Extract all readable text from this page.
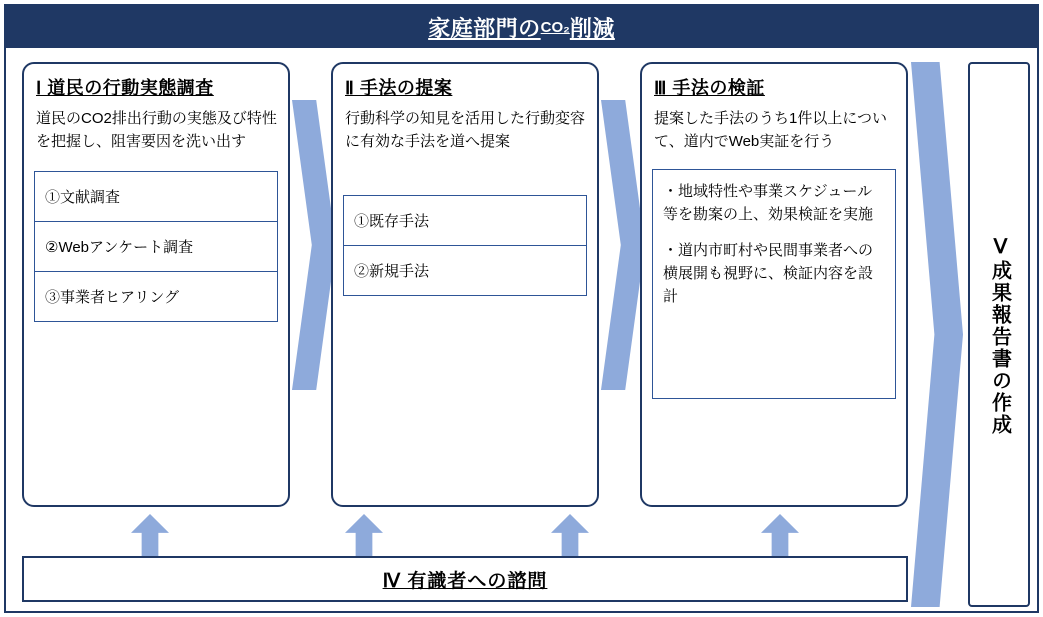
家庭部門の CO₂ 削減
Ⅰ 道民の行動実態調査
道民のCO2排出行動の実態及び特性を把握し、阻害要因を洗い出す
①文献調査
②Webアンケート調査
③事業者ヒアリング
Ⅱ 手法の提案
行動科学の知見を活用した行動変容に有効な手法を道へ提案
①既存手法
②新規手法
Ⅲ 手法の検証
提案した手法のうち1件以上について、道内でWeb実証を行う
・地域特性や事業スケジュール等を勘案の上、効果検証を実施
・道内市町村や民間事業者への横展開も視野に、検証内容を設計	Ⅴ成果報告書の作成
Ⅳ 有識者への諮問
